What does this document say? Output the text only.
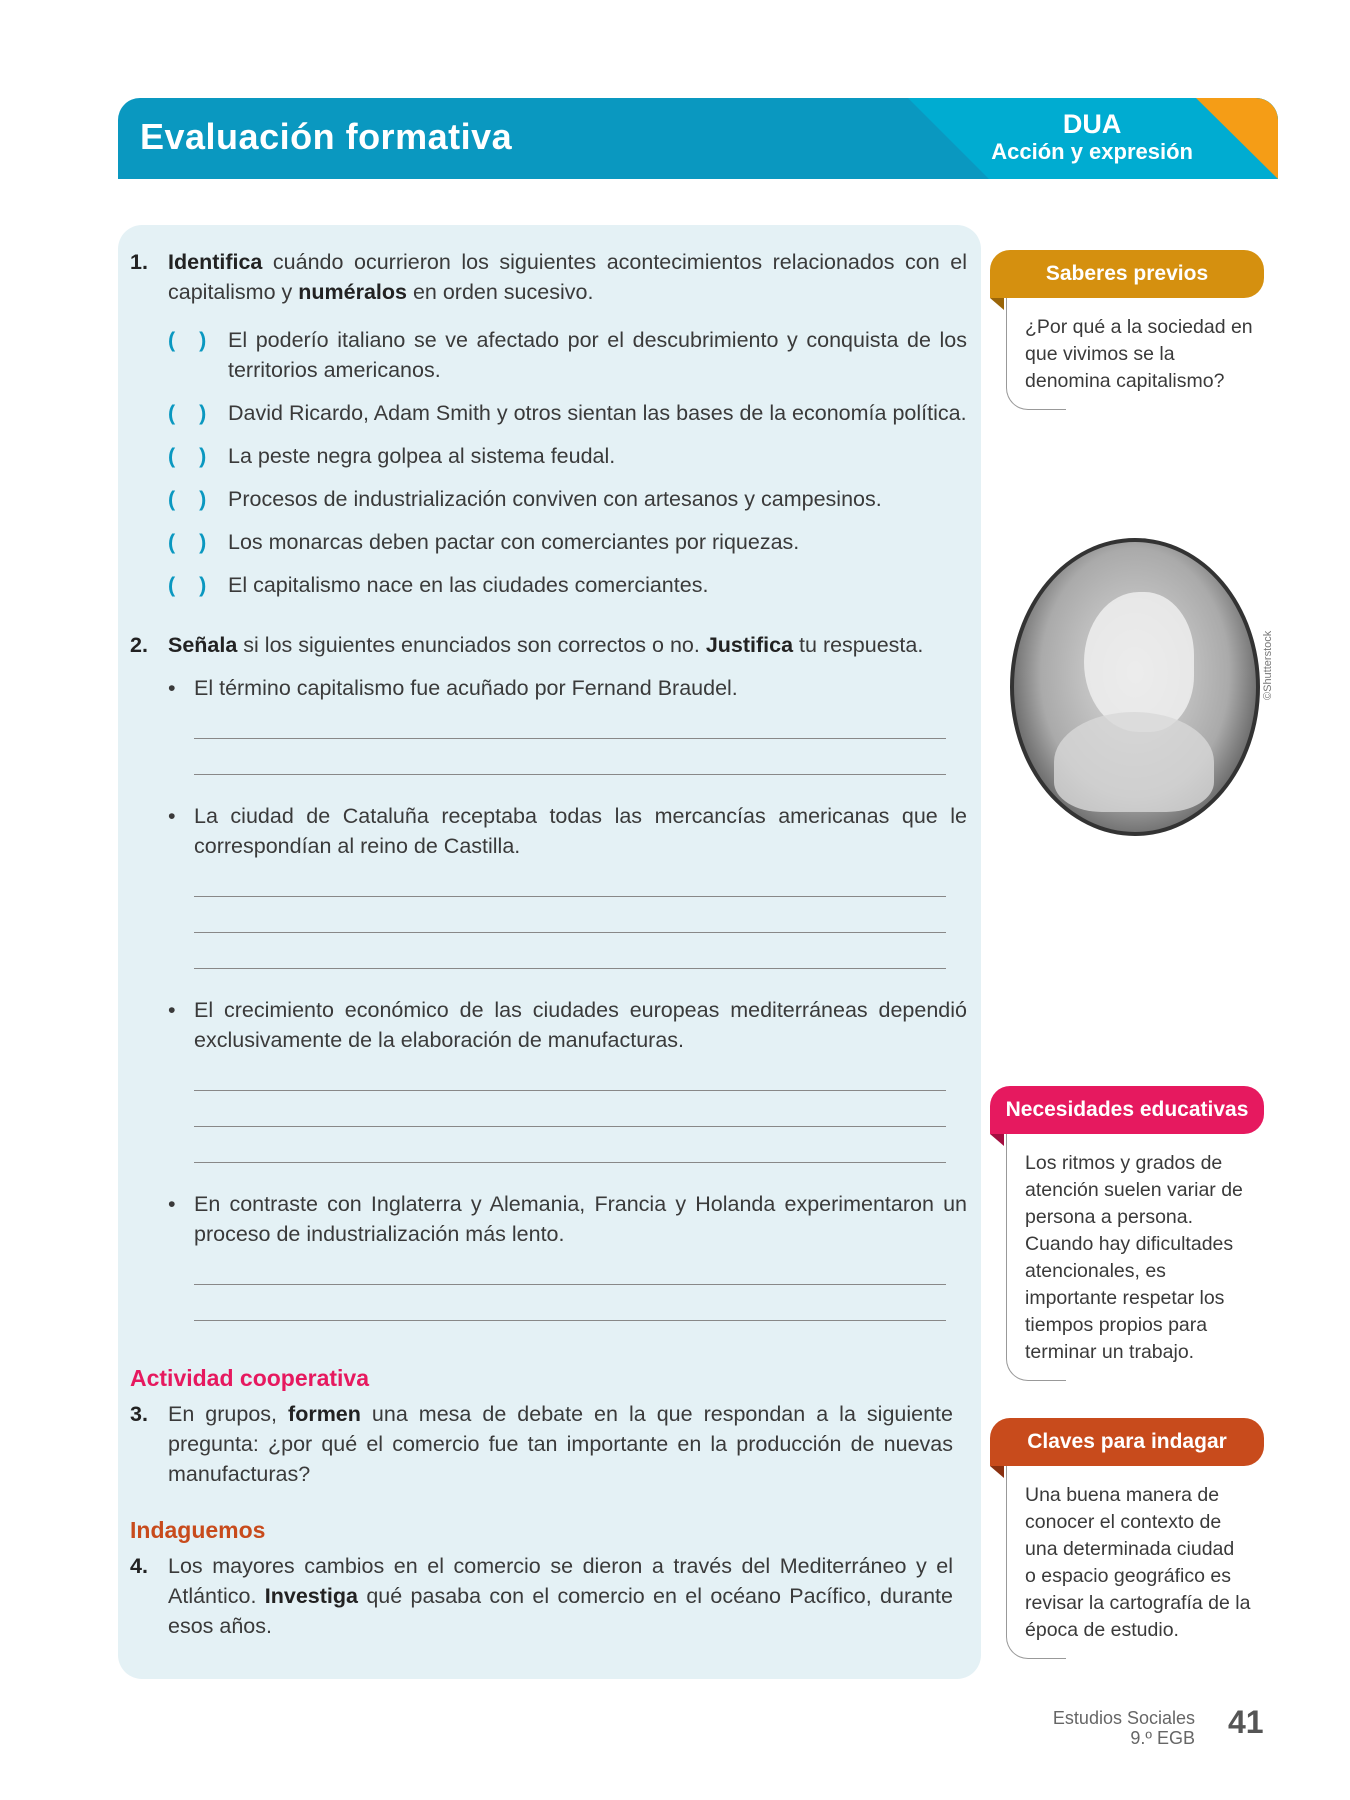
Evaluación formativa	DUA
Acción y expresión
1. Identifica cuándo ocurrieron los siguientes acontecimientos relacionados con el capitalismo y numéralos en orden sucesivo.
( )	El poderío italiano se ve afectado por el descubrimiento y conquista de los territorios americanos.
( )	David Ricardo, Adam Smith y otros sientan las bases de la economía política.
( )	La peste negra golpea al sistema feudal.
( )	Procesos de industrialización conviven con artesanos y campesinos.
( )	Los monarcas deben pactar con comerciantes por riquezas.
( )	El capitalismo nace en las ciudades comerciantes.
2. Señala si los siguientes enunciados son correctos o no. Justifica tu respuesta.
• El término capitalismo fue acuñado por Fernand Braudel.
• La ciudad de Cataluña receptaba todas las mercancías americanas que le correspondían al reino de Castilla.
• El crecimiento económico de las ciudades europeas mediterráneas dependió exclusivamente de la elaboración de manufacturas.
• En contraste con Inglaterra y Alemania, Francia y Holanda experimentaron un proceso de industrialización más lento.
Actividad cooperativa
3. En grupos, formen una mesa de debate en la que respondan a la siguiente pregunta: ¿por qué el comercio fue tan importante en la producción de nuevas manufacturas?
Indaguemos
4. Los mayores cambios en el comercio se dieron a través del Mediterráneo y el Atlántico. Investiga qué pasaba con el comercio en el océano Pacífico, durante esos años.
Saberes previos
¿Por qué a la sociedad en
que vivimos se la
denomina capitalismo?
©Shutterstock
Necesidades educativas
Los ritmos y grados de
atención suelen variar de
persona a persona.
Cuando hay dificultades
atencionales, es
importante respetar los
tiempos propios para
terminar un trabajo.
Claves para indagar
Una buena manera de
conocer el contexto de
una determinada ciudad
o espacio geográfico es
revisar la cartografía de la
época de estudio.
Estudios Sociales
9.º EGB 41
